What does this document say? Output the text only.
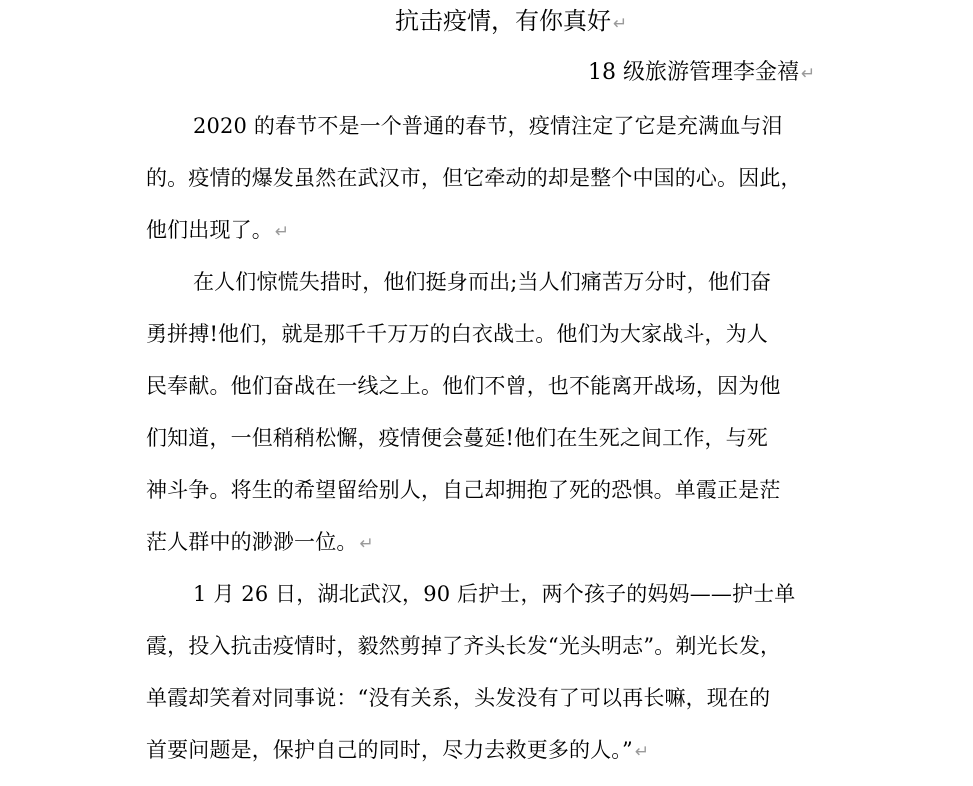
抗击疫情，有你真好 ↵
18 级旅游管理李金禧 ↵
2020 的春节不是一个普通的春节，疫情注定了它是充满血与泪
的。疫情的爆发虽然在武汉市，但它牵动的却是整个中国的心。因此，
他们出现了。 ↵
在人们惊慌失措时，他们挺身而出;当人们痛苦万分时，他们奋
勇拼搏!他们，就是那千千万万的白衣战士。他们为大家战斗，为人
民奉献。他们奋战在一线之上。他们不曾，也不能离开战场，因为他
们知道，一但稍稍松懈，疫情便会蔓延!他们在生死之间工作，与死
神斗争。将生的希望留给别人，自己却拥抱了死的恐惧。单霞正是茫
茫人群中的渺渺一位。 ↵
1 月 26 日，湖北武汉，90 后护士，两个孩子的妈妈——护士单
霞，投入抗击疫情时，毅然剪掉了齐头长发“光头明志”。剃光长发，
单霞却笑着对同事说：“没有关系，头发没有了可以再长嘛，现在的
首要问题是，保护自己的同时，尽力去救更多的人。” ↵
